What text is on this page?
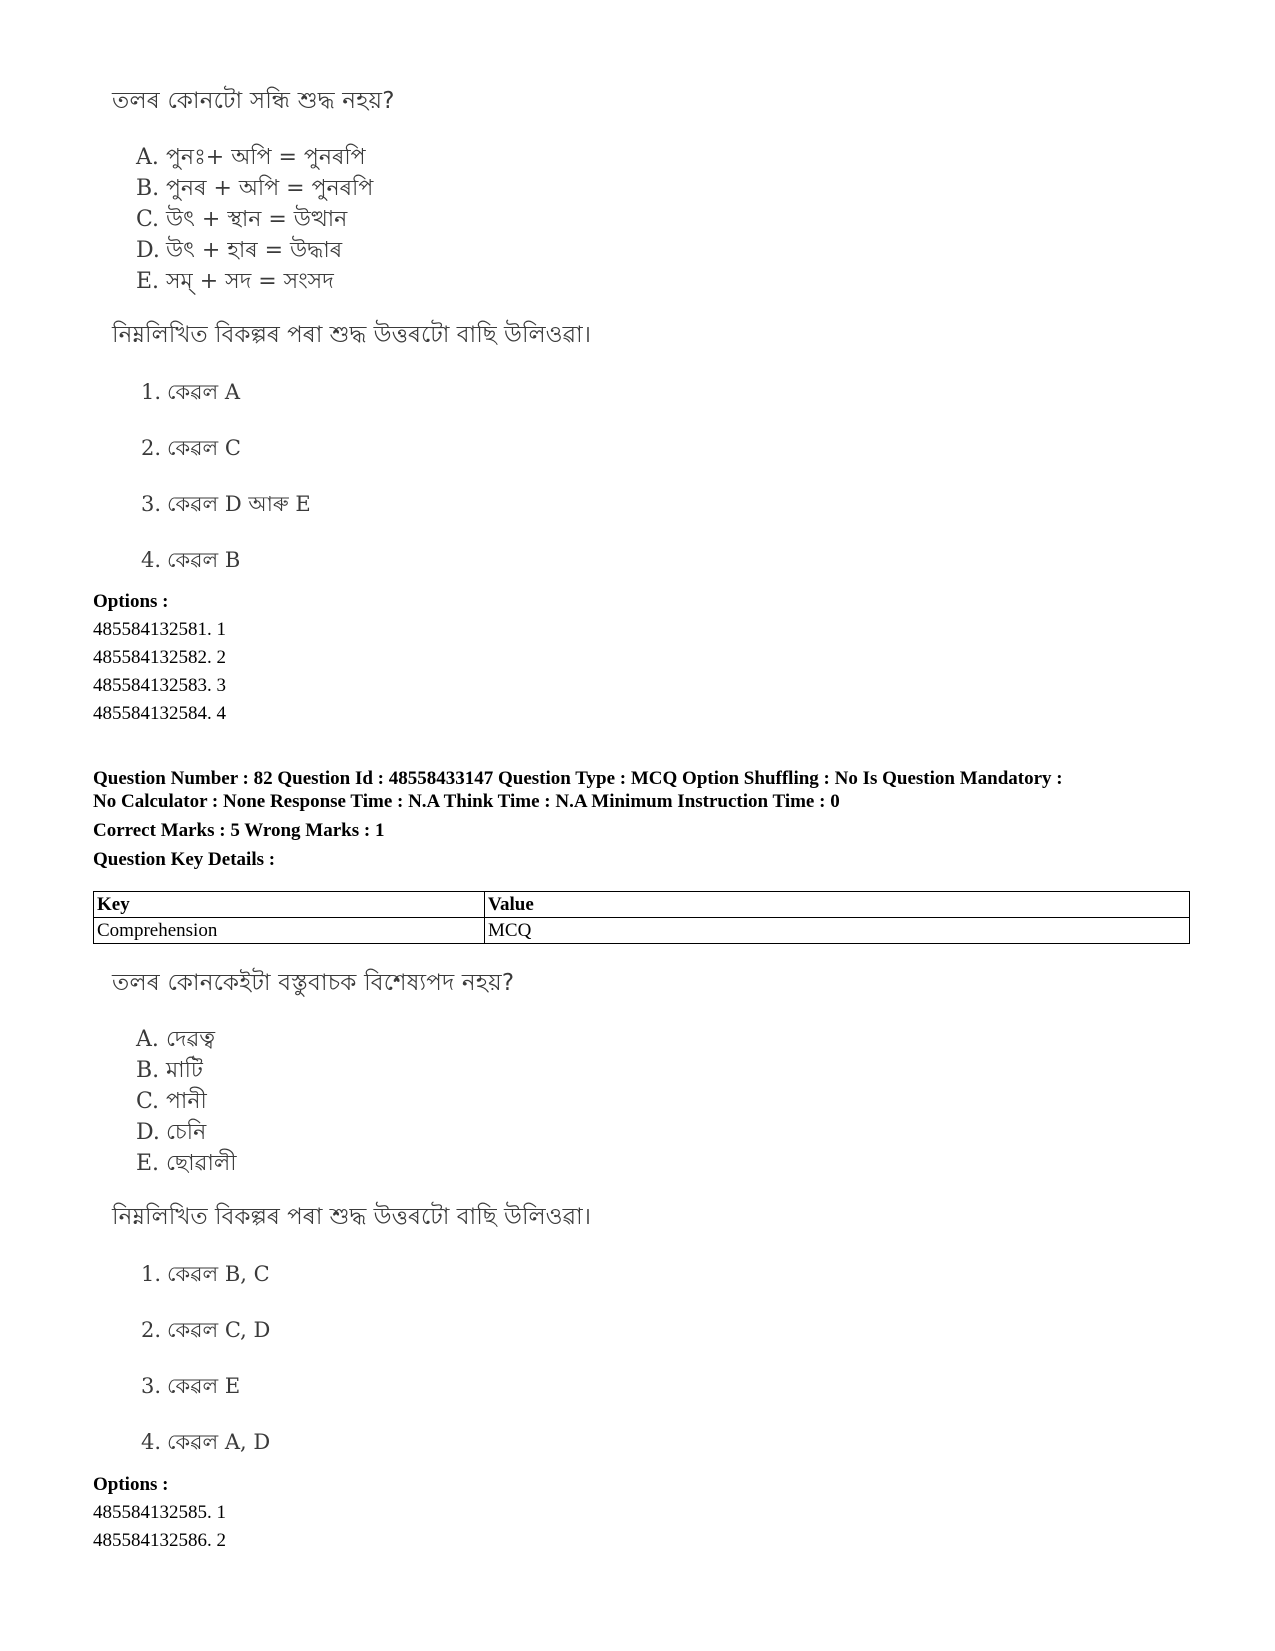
তলৰ কোনটো সন্ধি শুদ্ধ নহয়?
A. পুনঃ+ অপি = পুনৰপি
B. পুনৰ + অপি = পুনৰপি
C. উৎ + স্থান = উত্থান
D. উৎ + হাৰ = উদ্ধাৰ
E. সম্ + সদ = সংসদ
নিম্নলিখিত বিকল্পৰ পৰা শুদ্ধ উত্তৰটো বাছি উলিওৱা।
1. কেৱল A
2. কেৱল C
3. কেৱল D আৰু E
4. কেৱল B
Options :
485584132581. 1
485584132582. 2
485584132583. 3
485584132584. 4
Question Number : 82 Question Id : 48558433147 Question Type : MCQ Option Shuffling : No Is Question Mandatory :
No Calculator : None Response Time : N.A Think Time : N.A Minimum Instruction Time : 0
Correct Marks : 5 Wrong Marks : 1
Question Key Details :
Key	Value
Comprehension	MCQ
তলৰ কোনকেইটা বস্তুবাচক বিশেষ্যপদ নহয়?
A. দেৱত্ব
B. মাটি
C. পানী
D. চেনি
E. ছোৱালী
নিম্নলিখিত বিকল্পৰ পৰা শুদ্ধ উত্তৰটো বাছি উলিওৱা।
1. কেৱল B, C
2. কেৱল C, D
3. কেৱল E
4. কেৱল A, D
Options :
485584132585. 1
485584132586. 2
